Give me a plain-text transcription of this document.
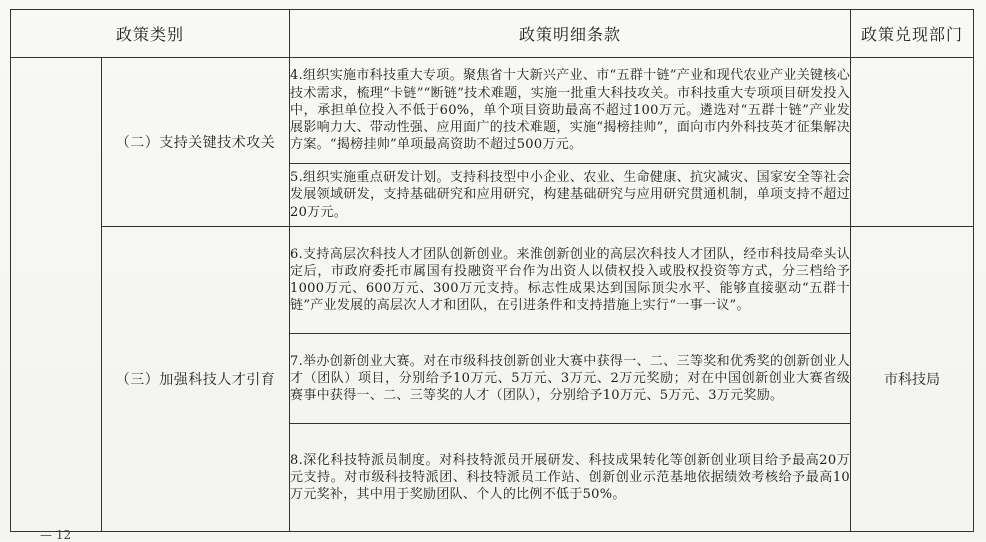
政策类别		政策明细条款	政策兑现部门
	（二）支持关键技术攻关	4.组织实施市科技重大专项。聚焦省十大新兴产业、市“五群十链”产业和现代农业产业关键核心技术需求，梳理“卡链”“断链”技术难题，实施一批重大科技攻关。市科技重大专项项目研发投入中，承担单位投入不低于60%，单个项目资助最高不超过100万元。遴选对“五群十链”产业发展影响力大、带动性强、应用面广的技术难题，实施“揭榜挂帅”，面向市内外科技英才征集解决方案。“揭榜挂帅”单项最高资助不超过500万元。	
		5.组织实施重点研发计划。支持科技型中小企业、农业、生命健康、抗灾减灾、国家安全等社会发展领域研发，支持基础研究和应用研究，构建基础研究与应用研究贯通机制，单项支持不超过20万元。	
	（三）加强科技人才引育	6.支持高层次科技人才团队创新创业。来淮创新创业的高层次科技人才团队，经市科技局牵头认定后，市政府委托市属国有投融资平台作为出资人以债权投入或股权投资等方式，分三档给予1000万元、600万元、300万元支持。标志性成果达到国际顶尖水平、能够直接驱动“五群十链”产业发展的高层次人才和团队，在引进条件和支持措施上实行“一事一议”。	市科技局
		7.举办创新创业大赛。对在市级科技创新创业大赛中获得一、二、三等奖和优秀奖的创新创业人才（团队）项目，分别给予10万元、5万元、3万元、2万元奖励；对在中国创新创业大赛省级赛事中获得一、二、三等奖的人才（团队），分别给予10万元、5万元、3万元奖励。	
		8.深化科技特派员制度。对科技特派员开展研发、科技成果转化等创新创业项目给予最高20万元支持。对市级科技特派团、科技特派员工作站、创新创业示范基地依据绩效考核给予最高10万元奖补，其中用于奖励团队、个人的比例不低于50%。	
— 12
